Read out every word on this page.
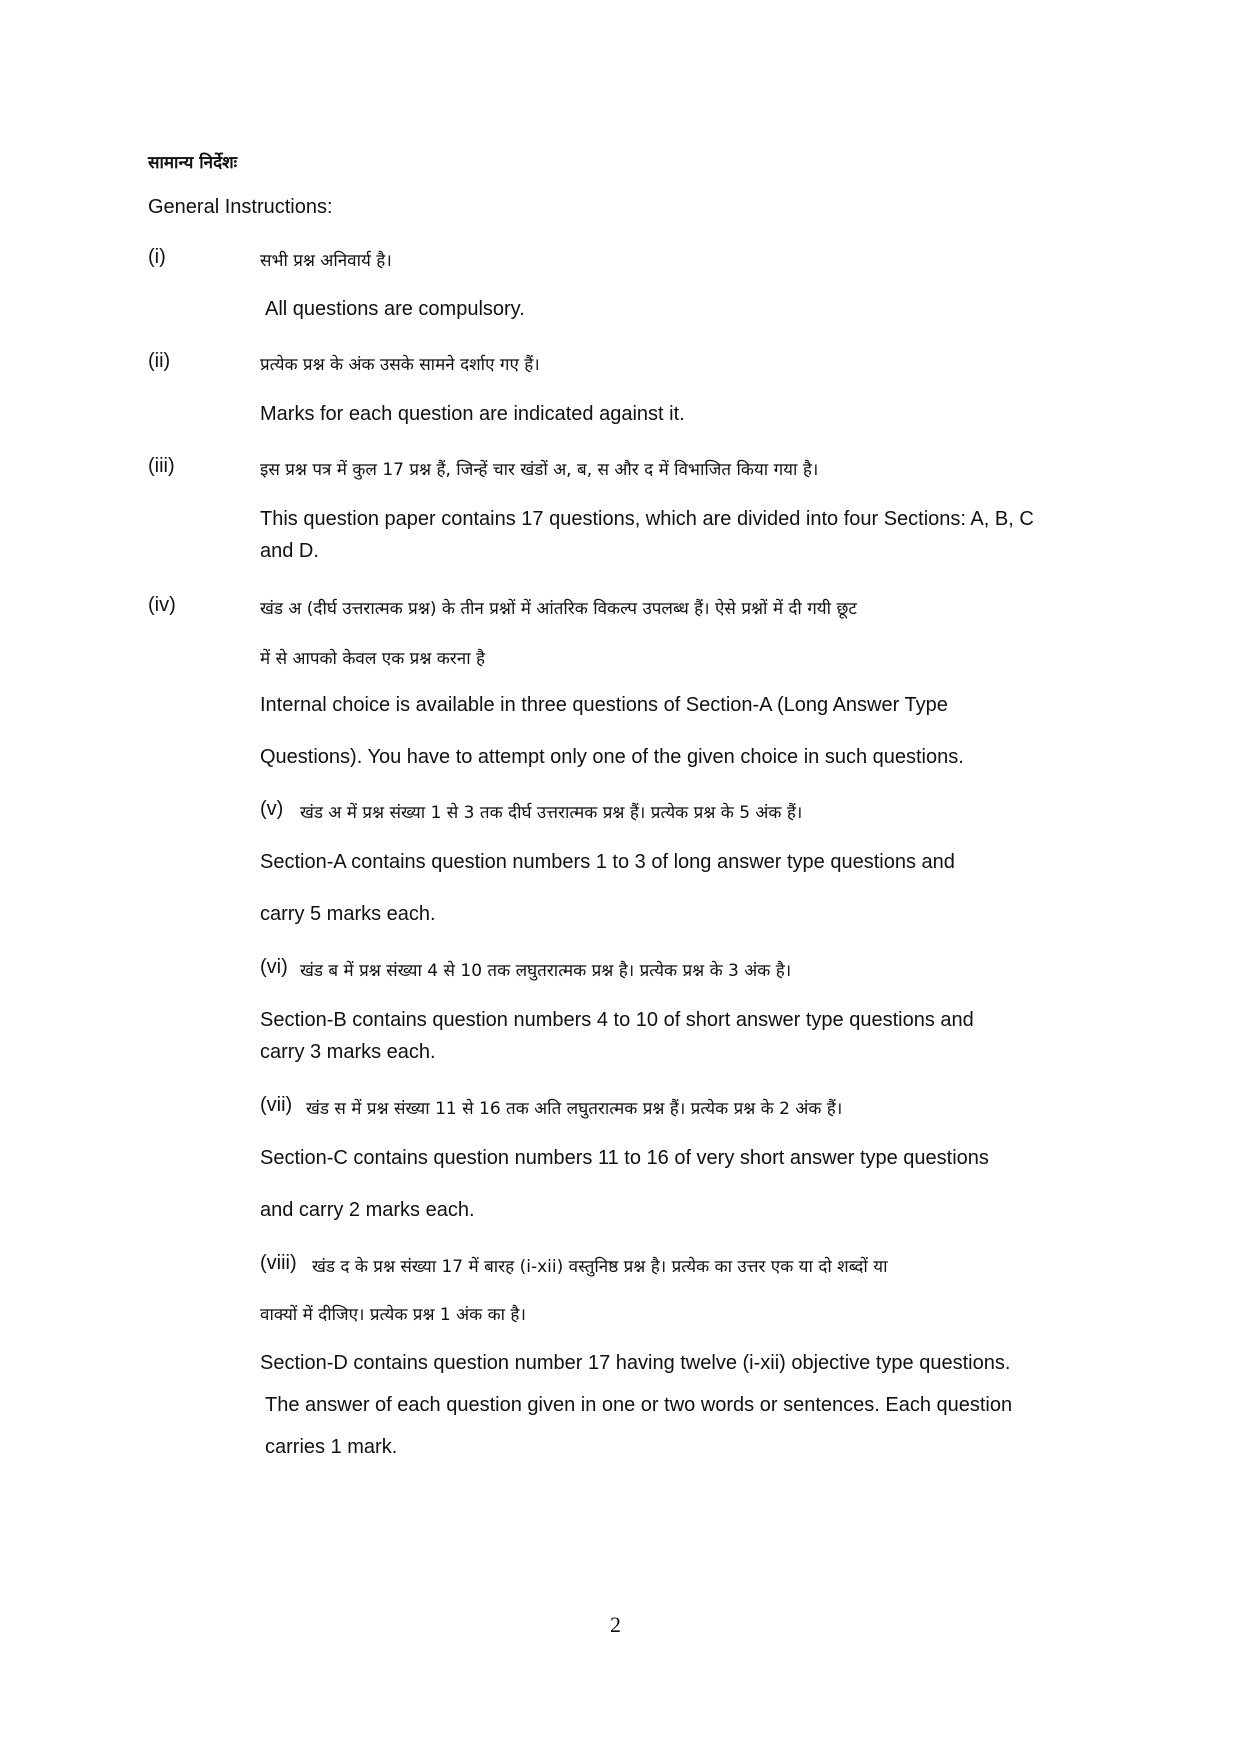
सामान्य निर्देशः

General Instructions:

(i)	सभी प्रश्न अनिवार्य है।

All questions are compulsory.

(ii)	प्रत्येक प्रश्न के अंक उसके सामने दर्शाए गए हैं।

Marks for each question are indicated against it.

(iii)	इस प्रश्न पत्र में कुल 17 प्रश्न हैं, जिन्हें चार खंडों अ, ब, स और द में विभाजित किया गया है।

This question paper contains 17 questions, which are divided into four Sections: A, B, C

and D.

(iv)	खंड अ (दीर्घ उत्तरात्मक प्रश्न) के तीन प्रश्नों में आंतरिक विकल्प उपलब्ध हैं। ऐसे प्रश्नों में दी गयी छूट

में से आपको केवल एक प्रश्न करना है

Internal choice is available in three questions of Section-A (Long Answer Type

Questions). You have to attempt only one of the given choice in such questions.

(v) खंड अ में प्रश्न संख्या 1 से 3 तक दीर्घ उत्तरात्मक प्रश्न हैं। प्रत्येक प्रश्न के 5 अंक हैं।

Section-A contains question numbers 1 to 3 of long answer type questions and

carry 5 marks each.

(vi) खंड ब में प्रश्न संख्या 4 से 10 तक लघुतरात्मक प्रश्न है। प्रत्येक प्रश्न के 3 अंक है।

Section-B contains question numbers 4 to 10 of short answer type questions and

carry 3 marks each.

(vii) खंड स में प्रश्न संख्या 11 से 16 तक अति लघुतरात्मक प्रश्न हैं। प्रत्येक प्रश्न के 2 अंक हैं।

Section-C contains question numbers 11 to 16 of very short answer type questions

and carry 2 marks each.

(viii) खंड द के प्रश्न संख्या 17 में बारह (i-xii) वस्तुनिष्ठ प्रश्न है। प्रत्येक का उत्तर एक या दो शब्दों या

वाक्यों में दीजिए। प्रत्येक प्रश्न 1 अंक का है।

Section-D contains question number 17 having twelve (i-xii) objective type questions.

The answer of each question given in one or two words or sentences. Each question

carries 1 mark.

2
